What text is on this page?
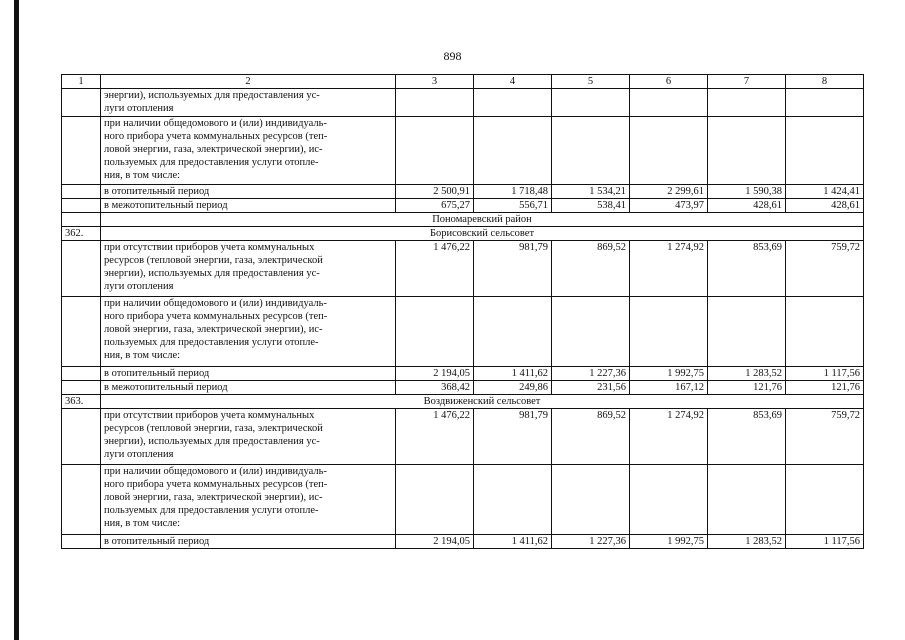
898
1	2	3	4	5	6	7	8
	энергии), используемых для предоставления ус-
луги отопления						
	при наличии общедомового и (или) индивидуаль-
ного прибора учета коммунальных ресурсов (теп-
ловой энергии, газа, электрической энергии), ис-
пользуемых для предоставления услуги отопле-
ния, в том числе:						
	в отопительный период	2 500,91	1 718,48	1 534,21	2 299,61	1 590,38	1 424,41
	в межотопительный период	675,27	556,71	538,41	473,97	428,61	428,61
	Пономаревский район						
362.	Борисовский сельсовет						
	при отсутствии приборов учета коммунальных
ресурсов (тепловой энергии, газа, электрической
энергии), используемых для предоставления ус-
луги отопления	1 476,22	981,79	869,52	1 274,92	853,69	759,72
	при наличии общедомового и (или) индивидуаль-
ного прибора учета коммунальных ресурсов (теп-
ловой энергии, газа, электрической энергии), ис-
пользуемых для предоставления услуги отопле-
ния, в том числе:						
	в отопительный период	2 194,05	1 411,62	1 227,36	1 992,75	1 283,52	1 117,56
	в межотопительный период	368,42	249,86	231,56	167,12	121,76	121,76
363.	Воздвиженский сельсовет						
	при отсутствии приборов учета коммунальных
ресурсов (тепловой энергии, газа, электрической
энергии), используемых для предоставления ус-
луги отопления	1 476,22	981,79	869,52	1 274,92	853,69	759,72
	при наличии общедомового и (или) индивидуаль-
ного прибора учета коммунальных ресурсов (теп-
ловой энергии, газа, электрической энергии), ис-
пользуемых для предоставления услуги отопле-
ния, в том числе:						
	в отопительный период	2 194,05	1 411,62	1 227,36	1 992,75	1 283,52	1 117,56
